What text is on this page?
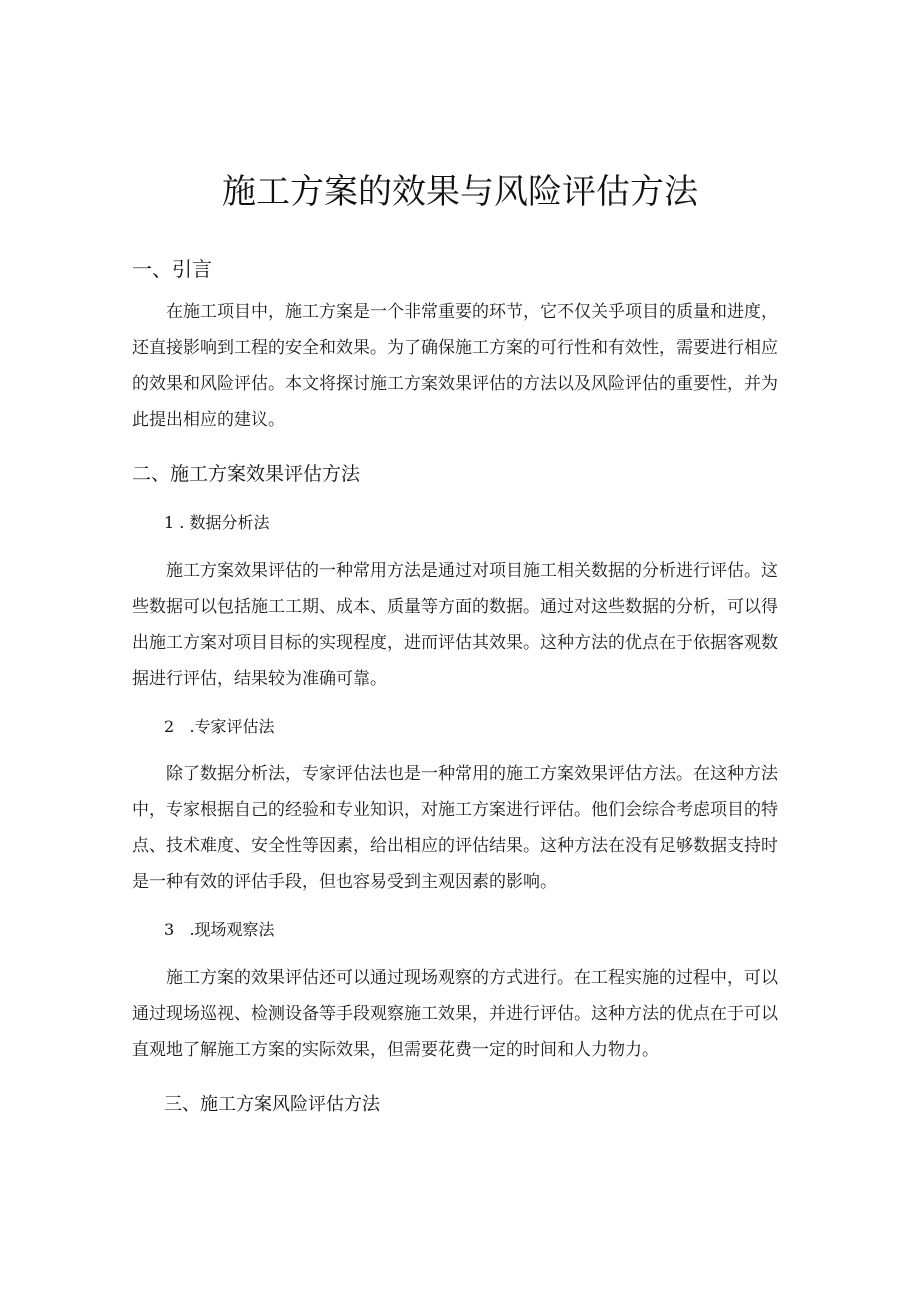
施工方案的效果与风险评估方法
一、引言
在施工项目中，施工方案是一个非常重要的环节，它不仅关乎项目的质量和进度，
还直接影响到工程的安全和效果。为了确保施工方案的可行性和有效性，需要进行相应
的效果和风险评估。本文将探讨施工方案效果评估的方法以及风险评估的重要性，并为
此提出相应的建议。
二、施工方案效果评估方法
1 . 数据分析法
施工方案效果评估的一种常用方法是通过对项目施工相关数据的分析进行评估。这
些数据可以包括施工工期、成本、质量等方面的数据。通过对这些数据的分析，可以得
出施工方案对项目目标的实现程度，进而评估其效果。这种方法的优点在于依据客观数
据进行评估，结果较为准确可靠。
2   .专家评估法
除了数据分析法，专家评估法也是一种常用的施工方案效果评估方法。在这种方法
中，专家根据自己的经验和专业知识，对施工方案进行评估。他们会综合考虑项目的特
点、技术难度、安全性等因素，给出相应的评估结果。这种方法在没有足够数据支持时
是一种有效的评估手段，但也容易受到主观因素的影响。
3   .现场观察法
施工方案的效果评估还可以通过现场观察的方式进行。在工程实施的过程中，可以
通过现场巡视、检测设备等手段观察施工效果，并进行评估。这种方法的优点在于可以
直观地了解施工方案的实际效果，但需要花费一定的时间和人力物力。
三、施工方案风险评估方法
